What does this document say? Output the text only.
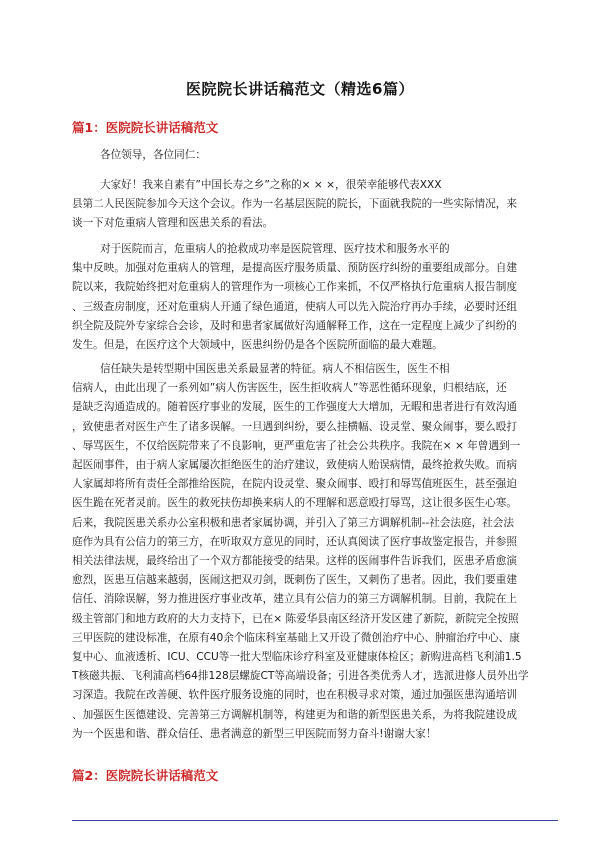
医院院长讲话稿范文（精选6篇）
篇1：医院院长讲话稿范文
各位领导，各位同仁：
大家好！我来自素有”中国长寿之乡”之称的× × ×，很荣幸能够代表XXX
县第二人民医院参加今天这个会议。作为一名基层医院的院长，下面就我院的一些实际情况，来
谈一下对危重病人管理和医患关系的看法。
对于医院而言，危重病人的抢救成功率是医院管理、医疗技术和服务水平的
集中反映。加强对危重病人的管理，是提高医疗服务质量、预防医疗纠纷的重要组成部分。自建
院以来，我院始终把对危重病人的管理作为一项核心工作来抓，不仅严格执行危重病人报告制度
、三级查房制度，还对危重病人开通了绿色通道，使病人可以先入院治疗再办手续，必要时还组
织全院及院外专家综合会诊，及时和患者家属做好沟通解释工作，这在一定程度上减少了纠纷的
发生。但是，在医疗这个大领域中，医患纠纷仍是各个医院所面临的最大难题。
信任缺失是转型期中国医患关系最显著的特征。病人不相信医生，医生不相
信病人，由此出现了一系列如”病人伤害医生，医生拒收病人”等恶性循环现象，归根结底，还
是缺乏沟通造成的。随着医疗事业的发展，医生的工作强度大大增加，无暇和患者进行有效沟通
，致使患者对医生产生了诸多误解。一旦遇到纠纷，要么挂横幅、设灵堂、聚众闹事，要么殴打
、辱骂医生，不仅给医院带来了不良影响，更严重危害了社会公共秩序。我院在× × 年曾遇到一
起医闹事件，由于病人家属屡次拒绝医生的治疗建议，致使病人贻误病情，最终抢救失败。而病
人家属却将所有责任全部推给医院，在院内设灵堂、聚众闹事、殴打和辱骂值班医生，甚至强迫
医生跪在死者灵前。医生的救死扶伤却换来病人的不理解和恶意殴打辱骂，这让很多医生心寒。
后来，我院医患关系办公室积极和患者家属协调，并引入了第三方调解机制--社会法庭，社会法
庭作为具有公信力的第三方，在听取双方意见的同时，还认真阅读了医疗事故鉴定报告，并参照
相关法律法规，最终给出了一个双方都能接受的结果。这样的医闹事件告诉我们，医患矛盾愈演
愈烈，医患互信越来越弱，医闹这把双刃剑，既刺伤了医生，又刺伤了患者。因此，我们要重建
信任、消除误解，努力推进医疗事业改革，建立具有公信力的第三方调解机制。目前，我院在上
级主管部门和地方政府的大力支持下，已在× 陈爱华县南区经济开发区建了新院，新院完全按照
三甲医院的建设标准，在原有40余个临床科室基础上又开设了微创治疗中心、肿瘤治疗中心、康
复中心、血液透析、ICU、CCU等一批大型临床诊疗科室及亚健康体检区；新购进高档飞利浦1.5
T核磁共振、飞利浦高档64排128层螺旋CT等高端设备；引进各类优秀人才，选派进修人员外出学
习深造。我院在改善硬、软件医疗服务设施的同时，也在积极寻求对策，通过加强医患沟通培训
、加强医生医德建设、完善第三方调解机制等，构建更为和谐的新型医患关系，为将我院建设成
为一个医患和谐、群众信任、患者满意的新型三甲医院而努力奋斗!谢谢大家！
篇2：医院院长讲话稿范文
